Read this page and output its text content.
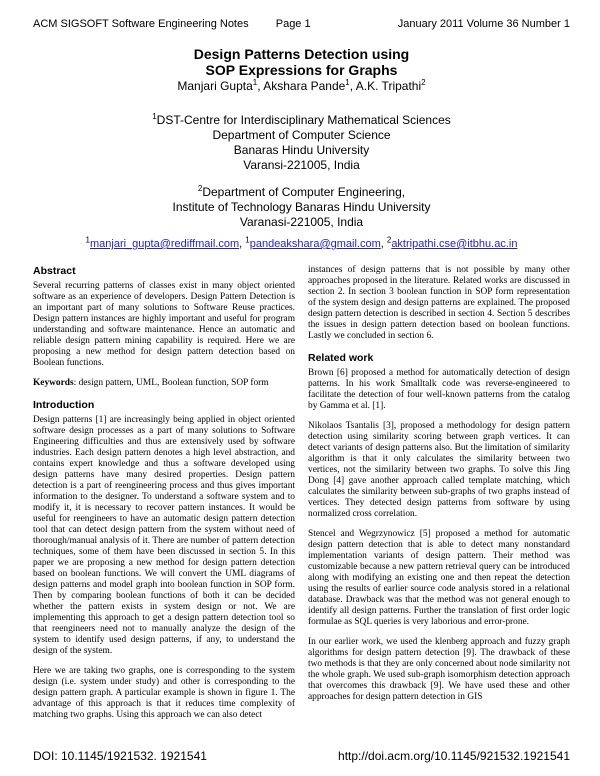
ACM SIGSOFT Software Engineering Notes Page 1	January 2011 Volume 36 Number 1
Design Patterns Detection using
SOP Expressions for Graphs
Manjari Gupta$^1$, Akshara Pande$^1$, A.K. Tripathi$^2$
$^1$DST-Centre for Interdisciplinary Mathematical Sciences
Department of Computer Science
Banaras Hindu University
Varansi-221005, India
$^2$Department of Computer Engineering,
Institute of Technology Banaras Hindu University
Varanasi-221005, India
$^1$manjari_gupta@rediffmail.com, $^1$pandeakshara@gmail.com, $^2$aktripathi.cse@itbhu.ac.in
Abstract

Several recurring patterns of classes exist in many object oriented software as an experience of developers. Design Pattern Detection is an important part of many solutions to Software Reuse practices. Design pattern instances are highly important and useful for program understanding and software maintenance. Hence an automatic and reliable design pattern mining capability is required. Here we are proposing a new method for design pattern detection based on Boolean functions.

Keywords: design pattern, UML, Boolean function, SOP form

Introduction

Design patterns [1] are increasingly being applied in object oriented software design processes as a part of many solutions to Software Engineering difficulties and thus are extensively used by software industries. Each design pattern denotes a high level abstraction, and contains expert knowledge and thus a software developed using design patterns have many desired properties. Design pattern detection is a part of reengineering process and thus gives important information to the designer. To understand a software system and to modify it, it is necessary to recover pattern instances. It would be useful for reengineers to have an automatic design pattern detection tool that can detect design pattern from the system without need of thorough/manual analysis of it. There are number of pattern detection techniques, some of them have been discussed in section 5. In this paper we are proposing a new method for design pattern detection based on boolean functions. We will convert the UML diagrams of design patterns and model graph into boolean function in SOP form. Then by comparing boolean functions of both it can be decided whether the pattern exists in system design or not. We are implementing this approach to get a design pattern detection tool so that reengineers need not to manually analyze the design of the system to identify used design patterns, if any, to understand the design of the system.

Here we are taking two graphs, one is corresponding to the system design (i.e. system under study) and other is corresponding to the design pattern graph. A particular example is shown in figure 1. The advantage of this approach is that it reduces time complexity of matching two graphs. Using this approach we can also detect

instances of design patterns that is not possible by many other approaches proposed in the literature. Related works are discussed in section 2. In section 3 boolean function in SOP form representation of the system design and design patterns are explained. The proposed design pattern detection is described in section 4. Section 5 describes the issues in design pattern detection based on boolean functions. Lastly we concluded in section 6.

Related work

Brown [6] proposed a method for automatically detection of design patterns. In his work Smalltalk code was reverse-engineered to facilitate the detection of four well-known patterns from the catalog by Gamma et al. [1].

Nikolaos Tsantalis [3], proposed a methodology for design pattern detection using similarity scoring between graph vertices. It can detect variants of design patterns also. But the limitation of similarity algorithm is that it only calculates the similarity between two vertices, not the similarity between two graphs. To solve this Jing Dong [4] gave another approach called template matching, which calculates the similarity between sub-graphs of two graphs instead of vertices. They detected design patterns from software by using normalized cross correlation.

Stencel and Wegrzynowicz [5] proposed a method for automatic design pattern detection that is able to detect many nonstandard implementation variants of design pattern. Their method was customizable because a new pattern retrieval query can be introduced along with modifying an existing one and then repeat the detection using the results of earlier source code analysis stored in a relational database. Drawback was that the method was not general enough to identify all design patterns. Further the translation of first order logic formulae as SQL queries is very laborious and error-prone.

In our earlier work, we used the klenberg approach and fuzzy graph algorithms for design pattern detection [9]. The drawback of these two methods is that they are only concerned about node similarity not the whole graph. We used sub-graph isomorphism detection approach that overcomes this drawback [9]. We have used these and other approaches for design pattern detection in GIS

DOI: 10.1145/1921532. 1921541	http://doi.acm.org/10.1145/921532.1921541
